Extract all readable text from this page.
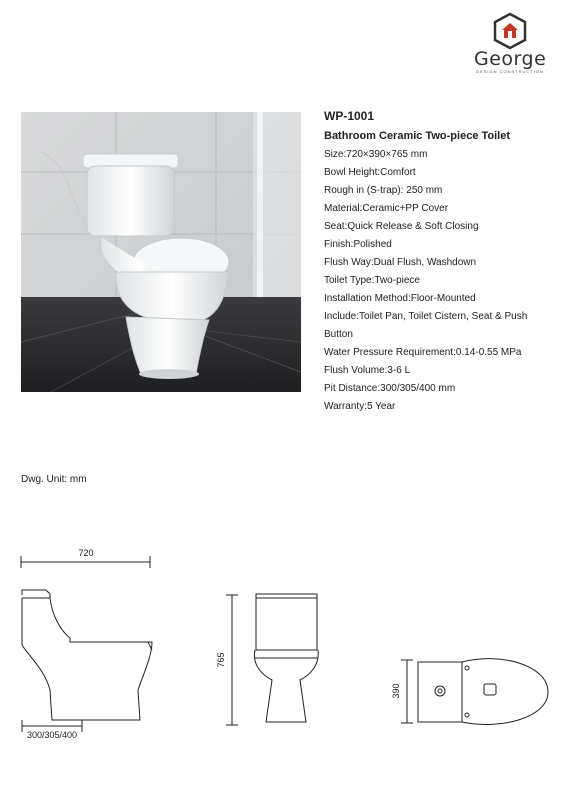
George
DESIGN CONSTRUCTION
WP-1001
Bathroom Ceramic Two-piece Toilet
Size:720×390×765 mm
Bowl Height:Comfort
Rough in (S-trap): 250 mm
Material:Ceramic+PP Cover
Seat:Quick Release & Soft Closing
Finish:Polished
Flush Way:Dual Flush, Washdown
Toilet Type:Two-piece
Installation Method:Floor-Mounted
Include:Toilet Pan, Toilet Cistern, Seat & Push Button
Water Pressure Requirement:0.14-0.55 MPa
Flush Volume:3-6 L
Pit Distance:300/305/400 mm
Warranty:5 Year
Dwg. Unit: mm
720
765
390
300/305/400
